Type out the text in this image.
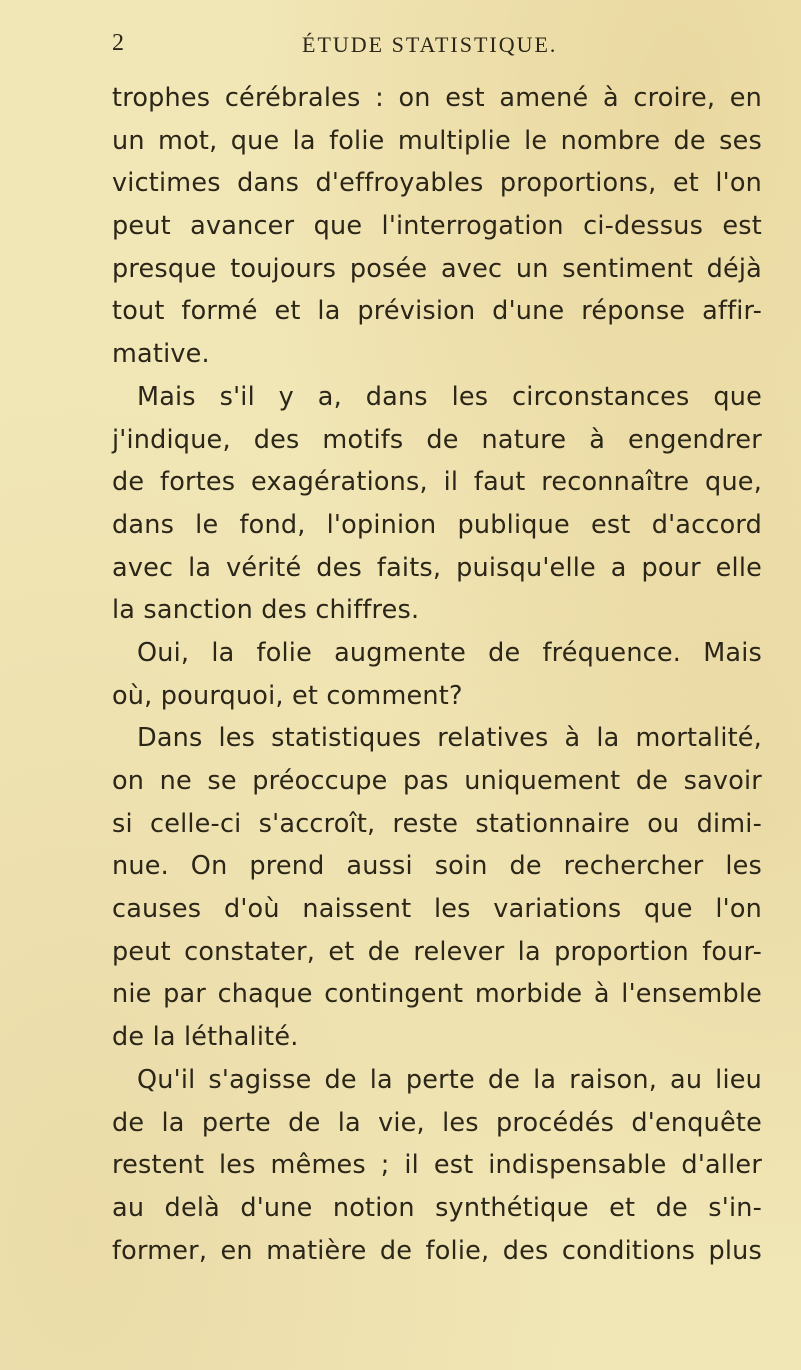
2	ÉTUDE STATISTIQUE.
trophes cérébrales : on est amené à croire, en
un mot, que la folie multiplie le nombre de ses
victimes dans d'effroyables proportions, et l'on
peut avancer que l'interrogation ci-dessus est
presque toujours posée avec un sentiment déjà
tout formé et la prévision d'une réponse affir-
mative.
Mais s'il y a, dans les circonstances que
j'indique, des motifs de nature à engendrer
de fortes exagérations, il faut reconnaître que,
dans le fond, l'opinion publique est d'accord
avec la vérité des faits, puisqu'elle a pour elle
la sanction des chiffres.
Oui, la folie augmente de fréquence. Mais
où, pourquoi, et comment?
Dans les statistiques relatives à la mortalité,
on ne se préoccupe pas uniquement de savoir
si celle-ci s'accroît, reste stationnaire ou dimi-
nue. On prend aussi soin de rechercher les
causes d'où naissent les variations que l'on
peut constater, et de relever la proportion four-
nie par chaque contingent morbide à l'ensemble
de la léthalité.
Qu'il s'agisse de la perte de la raison, au lieu
de la perte de la vie, les procédés d'enquête
restent les mêmes ; il est indispensable d'aller
au delà d'une notion synthétique et de s'in-
former, en matière de folie, des conditions plus
